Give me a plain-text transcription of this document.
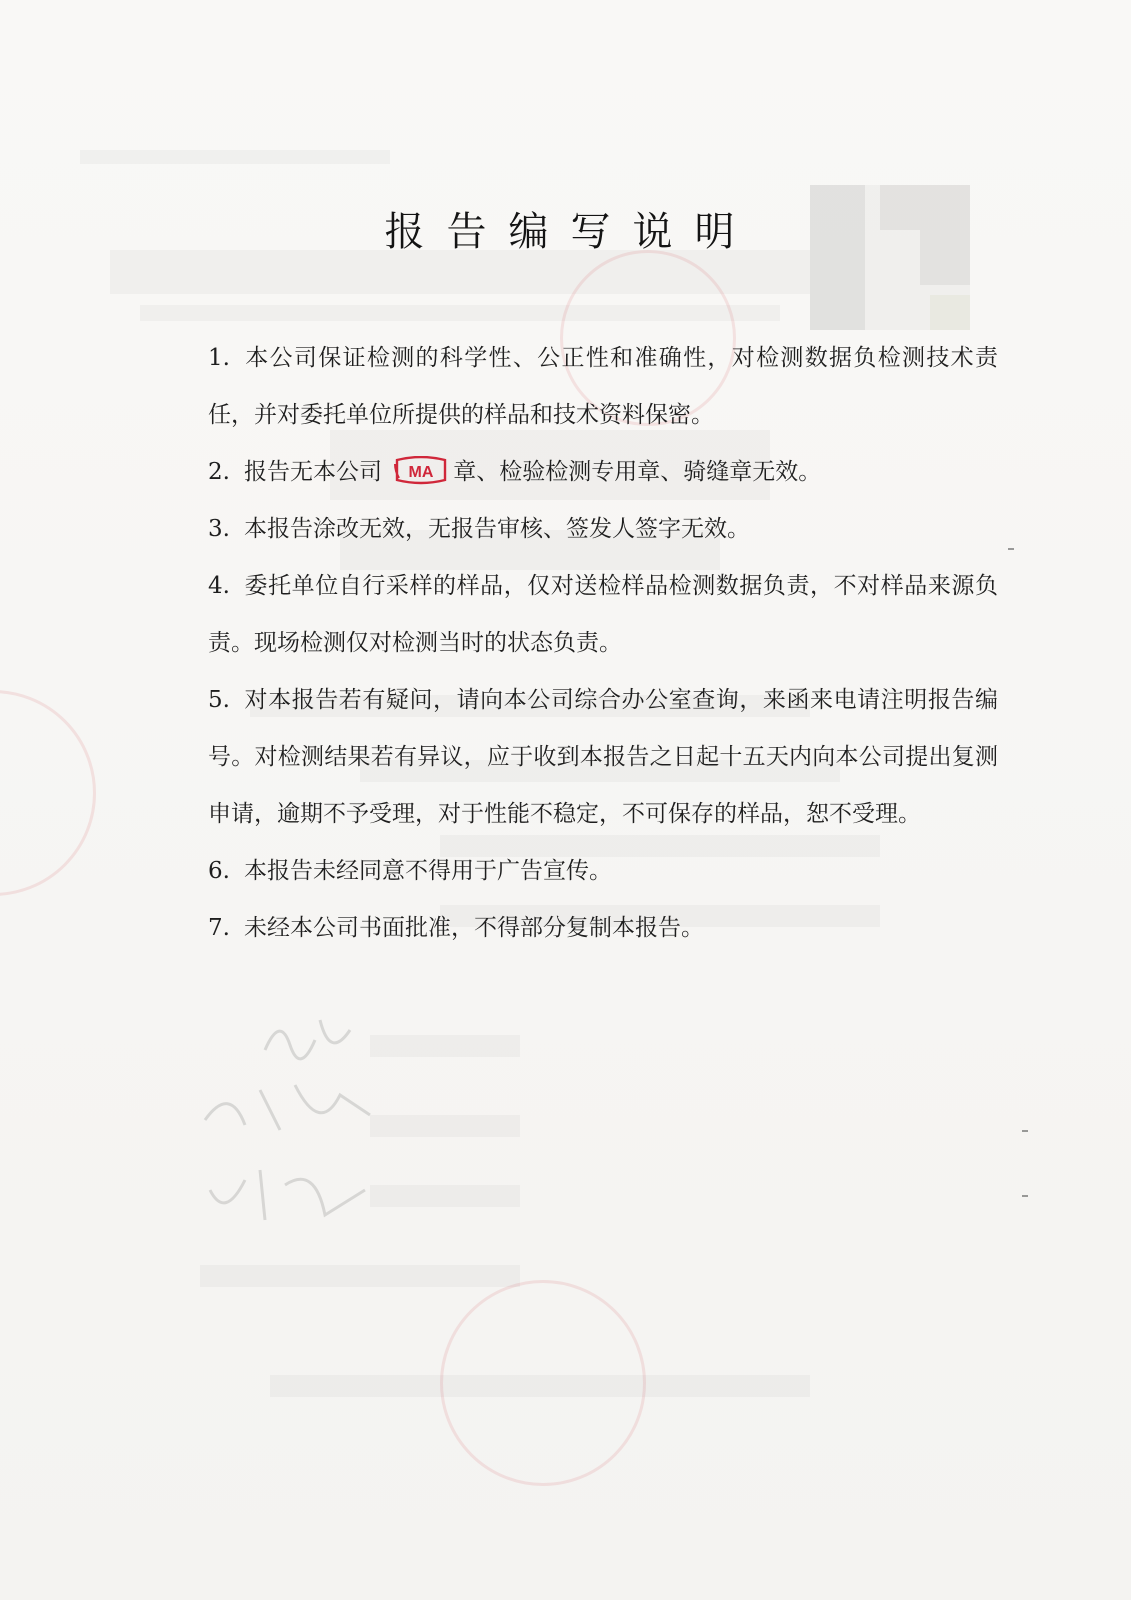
报告编写说明

1. 本公司保证检测的科学性、公正性和准确性，对检测数据负检测技术责任，并对委托单位所提供的样品和技术资料保密。

2. 报告无本公司 MA 章、检验检测专用章、骑缝章无效。

3. 本报告涂改无效，无报告审核、签发人签字无效。

4. 委托单位自行采样的样品，仅对送检样品检测数据负责，不对样品来源负责。现场检测仅对检测当时的状态负责。

5. 对本报告若有疑问，请向本公司综合办公室查询，来函来电请注明报告编号。对检测结果若有异议，应于收到本报告之日起十五天内向本公司提出复测申请，逾期不予受理，对于性能不稳定，不可保存的样品，恕不受理。

6. 本报告未经同意不得用于广告宣传。

7. 未经本公司书面批准，不得部分复制本报告。
